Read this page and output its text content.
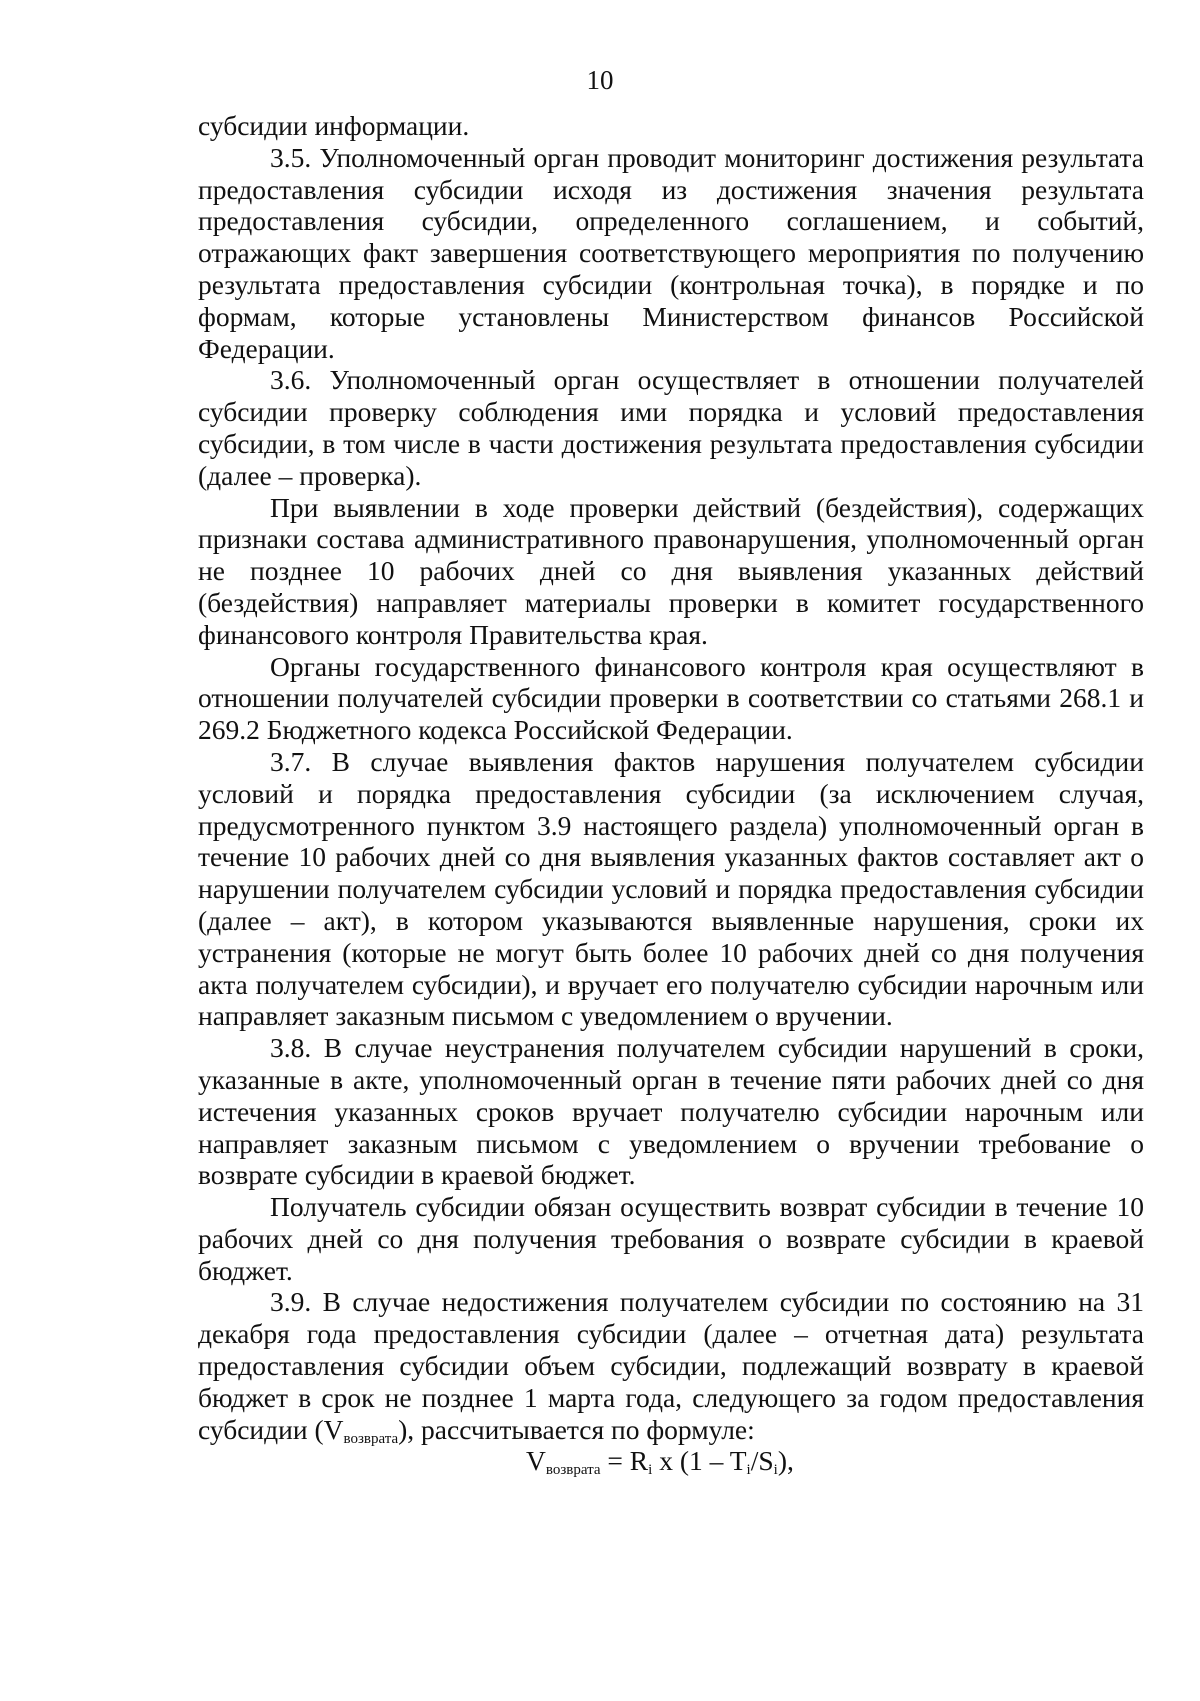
10

субсидии информации.

3.5. Уполномоченный орган проводит мониторинг достижения результата предоставления субсидии исходя из достижения значения результата предоставления субсидии, определенного соглашением, и событий, отражающих факт завершения соответствующего мероприятия по получению результата предоставления субсидии (контрольная точка), в порядке и по формам, которые установлены Министерством финансов Российской Федерации.

3.6. Уполномоченный орган осуществляет в отношении получателей субсидии проверку соблюдения ими порядка и условий предоставления субсидии, в том числе в части достижения результата предоставления субсидии (далее – проверка).

При выявлении в ходе проверки действий (бездействия), содержащих признаки состава административного правонарушения, уполномоченный орган не позднее 10 рабочих дней со дня выявления указанных действий (бездействия) направляет материалы проверки в комитет государственного финансового контроля Правительства края.

Органы государственного финансового контроля края осуществляют в отношении получателей субсидии проверки в соответствии со статьями 268.1 и 269.2 Бюджетного кодекса Российской Федерации.

3.7. В случае выявления фактов нарушения получателем субсидии условий и порядка предоставления субсидии (за исключением случая, предусмотренного пунктом 3.9 настоящего раздела) уполномоченный орган в течение 10 рабочих дней со дня выявления указанных фактов составляет акт о нарушении получателем субсидии условий и порядка предоставления субсидии (далее – акт), в котором указываются выявленные нарушения, сроки их устранения (которые не могут быть более 10 рабочих дней со дня получения акта получателем субсидии), и вручает его получателю субсидии нарочным или направляет заказным письмом с уведомлением о вручении.

3.8. В случае неустранения получателем субсидии нарушений в сроки, указанные в акте, уполномоченный орган в течение пяти рабочих дней со дня истечения указанных сроков вручает получателю субсидии нарочным или направляет заказным письмом с уведомлением о вручении требование о возврате субсидии в краевой бюджет.

Получатель субсидии обязан осуществить возврат субсидии в течение 10 рабочих дней со дня получения требования о возврате субсидии в краевой бюджет.

3.9. В случае недостижения получателем субсидии по состоянию на 31 декабря года предоставления субсидии (далее – отчетная дата) результата предоставления субсидии объем субсидии, подлежащий возврату в краевой бюджет в срок не позднее 1 марта года, следующего за годом предоставления субсидии $(V_{возврата})$, рассчитывается по формуле:

$V_{возврата} = R_i$ x $(1 - T_i/S_i)$,
